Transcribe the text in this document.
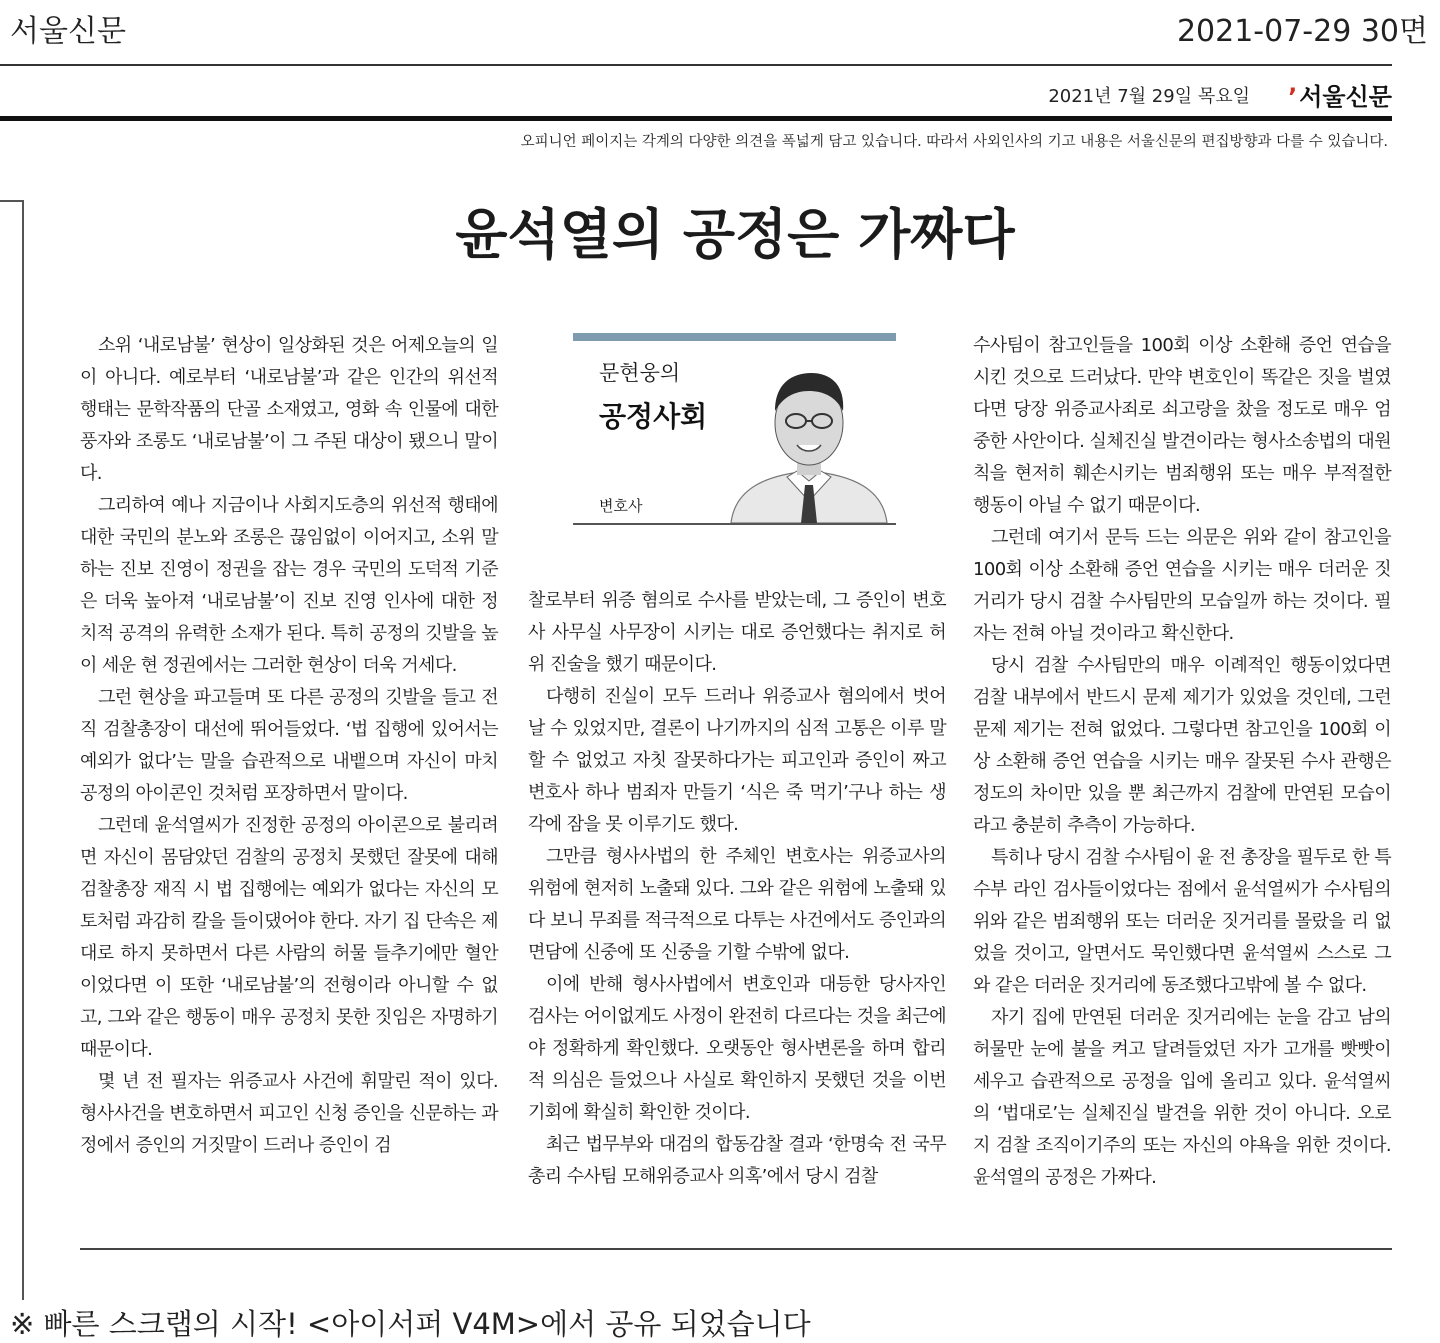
서울신문	2021-07-29 30면
2021년 7월 29일 목요일 ’서울신문
오피니언 페이지는 각계의 다양한 의견을 폭넓게 담고 있습니다. 따라서 사외인사의 기고 내용은 서울신문의 편집방향과 다를 수 있습니다.
윤석열의 공정은 가짜다

소위 ‘내로남불’ 현상이 일상화된 것은 어제오늘의 일이 아니다. 예로부터 ‘내로남불’과 같은 인간의 위선적 행태는 문학작품의 단골 소재였고, 영화 속 인물에 대한 풍자와 조롱도 ‘내로남불’이 그 주된 대상이 됐으니 말이다.

그리하여 예나 지금이나 사회지도층의 위선적 행태에 대한 국민의 분노와 조롱은 끊임없이 이어지고, 소위 말하는 진보 진영이 정권을 잡는 경우 국민의 도덕적 기준은 더욱 높아져 ‘내로남불’이 진보 진영 인사에 대한 정치적 공격의 유력한 소재가 된다. 특히 공정의 깃발을 높이 세운 현 정권에서는 그러한 현상이 더욱 거세다.

그런 현상을 파고들며 또 다른 공정의 깃발을 들고 전직 검찰총장이 대선에 뛰어들었다. ‘법 집행에 있어서는 예외가 없다’는 말을 습관적으로 내뱉으며 자신이 마치 공정의 아이콘인 것처럼 포장하면서 말이다.

그런데 윤석열씨가 진정한 공정의 아이콘으로 불리려면 자신이 몸담았던 검찰의 공정치 못했던 잘못에 대해 검찰총장 재직 시 법 집행에는 예외가 없다는 자신의 모토처럼 과감히 칼을 들이댔어야 한다. 자기 집 단속은 제대로 하지 못하면서 다른 사람의 허물 들추기에만 혈안이었다면 이 또한 ‘내로남불’의 전형이라 아니할 수 없고, 그와 같은 행동이 매우 공정치 못한 짓임은 자명하기 때문이다.

몇 년 전 필자는 위증교사 사건에 휘말린 적이 있다. 형사사건을 변호하면서 피고인 신청 증인을 신문하는 과정에서 증인의 거짓말이 드러나 증인이 검

문현웅의
공정사회
변호사

찰로부터 위증 혐의로 수사를 받았는데, 그 증인이 변호사 사무실 사무장이 시키는 대로 증언했다는 취지로 허위 진술을 했기 때문이다.

다행히 진실이 모두 드러나 위증교사 혐의에서 벗어날 수 있었지만, 결론이 나기까지의 심적 고통은 이루 말할 수 없었고 자칫 잘못하다가는 피고인과 증인이 짜고 변호사 하나 범죄자 만들기 ‘식은 죽 먹기’구나 하는 생각에 잠을 못 이루기도 했다.

그만큼 형사사법의 한 주체인 변호사는 위증교사의 위험에 현저히 노출돼 있다. 그와 같은 위험에 노출돼 있다 보니 무죄를 적극적으로 다투는 사건에서도 증인과의 면담에 신중에 또 신중을 기할 수밖에 없다.

이에 반해 형사사법에서 변호인과 대등한 당사자인 검사는 어이없게도 사정이 완전히 다르다는 것을 최근에야 정확하게 확인했다. 오랫동안 형사변론을 하며 합리적 의심은 들었으나 사실로 확인하지 못했던 것을 이번 기회에 확실히 확인한 것이다.

최근 법무부와 대검의 합동감찰 결과 ‘한명숙 전 국무총리 수사팀 모해위증교사 의혹’에서 당시 검찰

수사팀이 참고인들을 100회 이상 소환해 증언 연습을 시킨 것으로 드러났다. 만약 변호인이 똑같은 짓을 벌였다면 당장 위증교사죄로 쇠고랑을 찼을 정도로 매우 엄중한 사안이다. 실체진실 발견이라는 형사소송법의 대원칙을 현저히 훼손시키는 범죄행위 또는 매우 부적절한 행동이 아닐 수 없기 때문이다.

그런데 여기서 문득 드는 의문은 위와 같이 참고인을 100회 이상 소환해 증언 연습을 시키는 매우 더러운 짓거리가 당시 검찰 수사팀만의 모습일까 하는 것이다. 필자는 전혀 아닐 것이라고 확신한다.

당시 검찰 수사팀만의 매우 이례적인 행동이었다면 검찰 내부에서 반드시 문제 제기가 있었을 것인데, 그런 문제 제기는 전혀 없었다. 그렇다면 참고인을 100회 이상 소환해 증언 연습을 시키는 매우 잘못된 수사 관행은 정도의 차이만 있을 뿐 최근까지 검찰에 만연된 모습이라고 충분히 추측이 가능하다.

특히나 당시 검찰 수사팀이 윤 전 총장을 필두로 한 특수부 라인 검사들이었다는 점에서 윤석열씨가 수사팀의 위와 같은 범죄행위 또는 더러운 짓거리를 몰랐을 리 없었을 것이고, 알면서도 묵인했다면 윤석열씨 스스로 그와 같은 더러운 짓거리에 동조했다고밖에 볼 수 없다.

자기 집에 만연된 더러운 짓거리에는 눈을 감고 남의 허물만 눈에 불을 켜고 달려들었던 자가 고개를 빳빳이 세우고 습관적으로 공정을 입에 올리고 있다. 윤석열씨의 ‘법대로’는 실체진실 발견을 위한 것이 아니다. 오로지 검찰 조직이기주의 또는 자신의 야욕을 위한 것이다. 윤석열의 공정은 가짜다.

※ 빠른 스크랩의 시작! <아이서퍼 V4M>에서 공유 되었습니다
